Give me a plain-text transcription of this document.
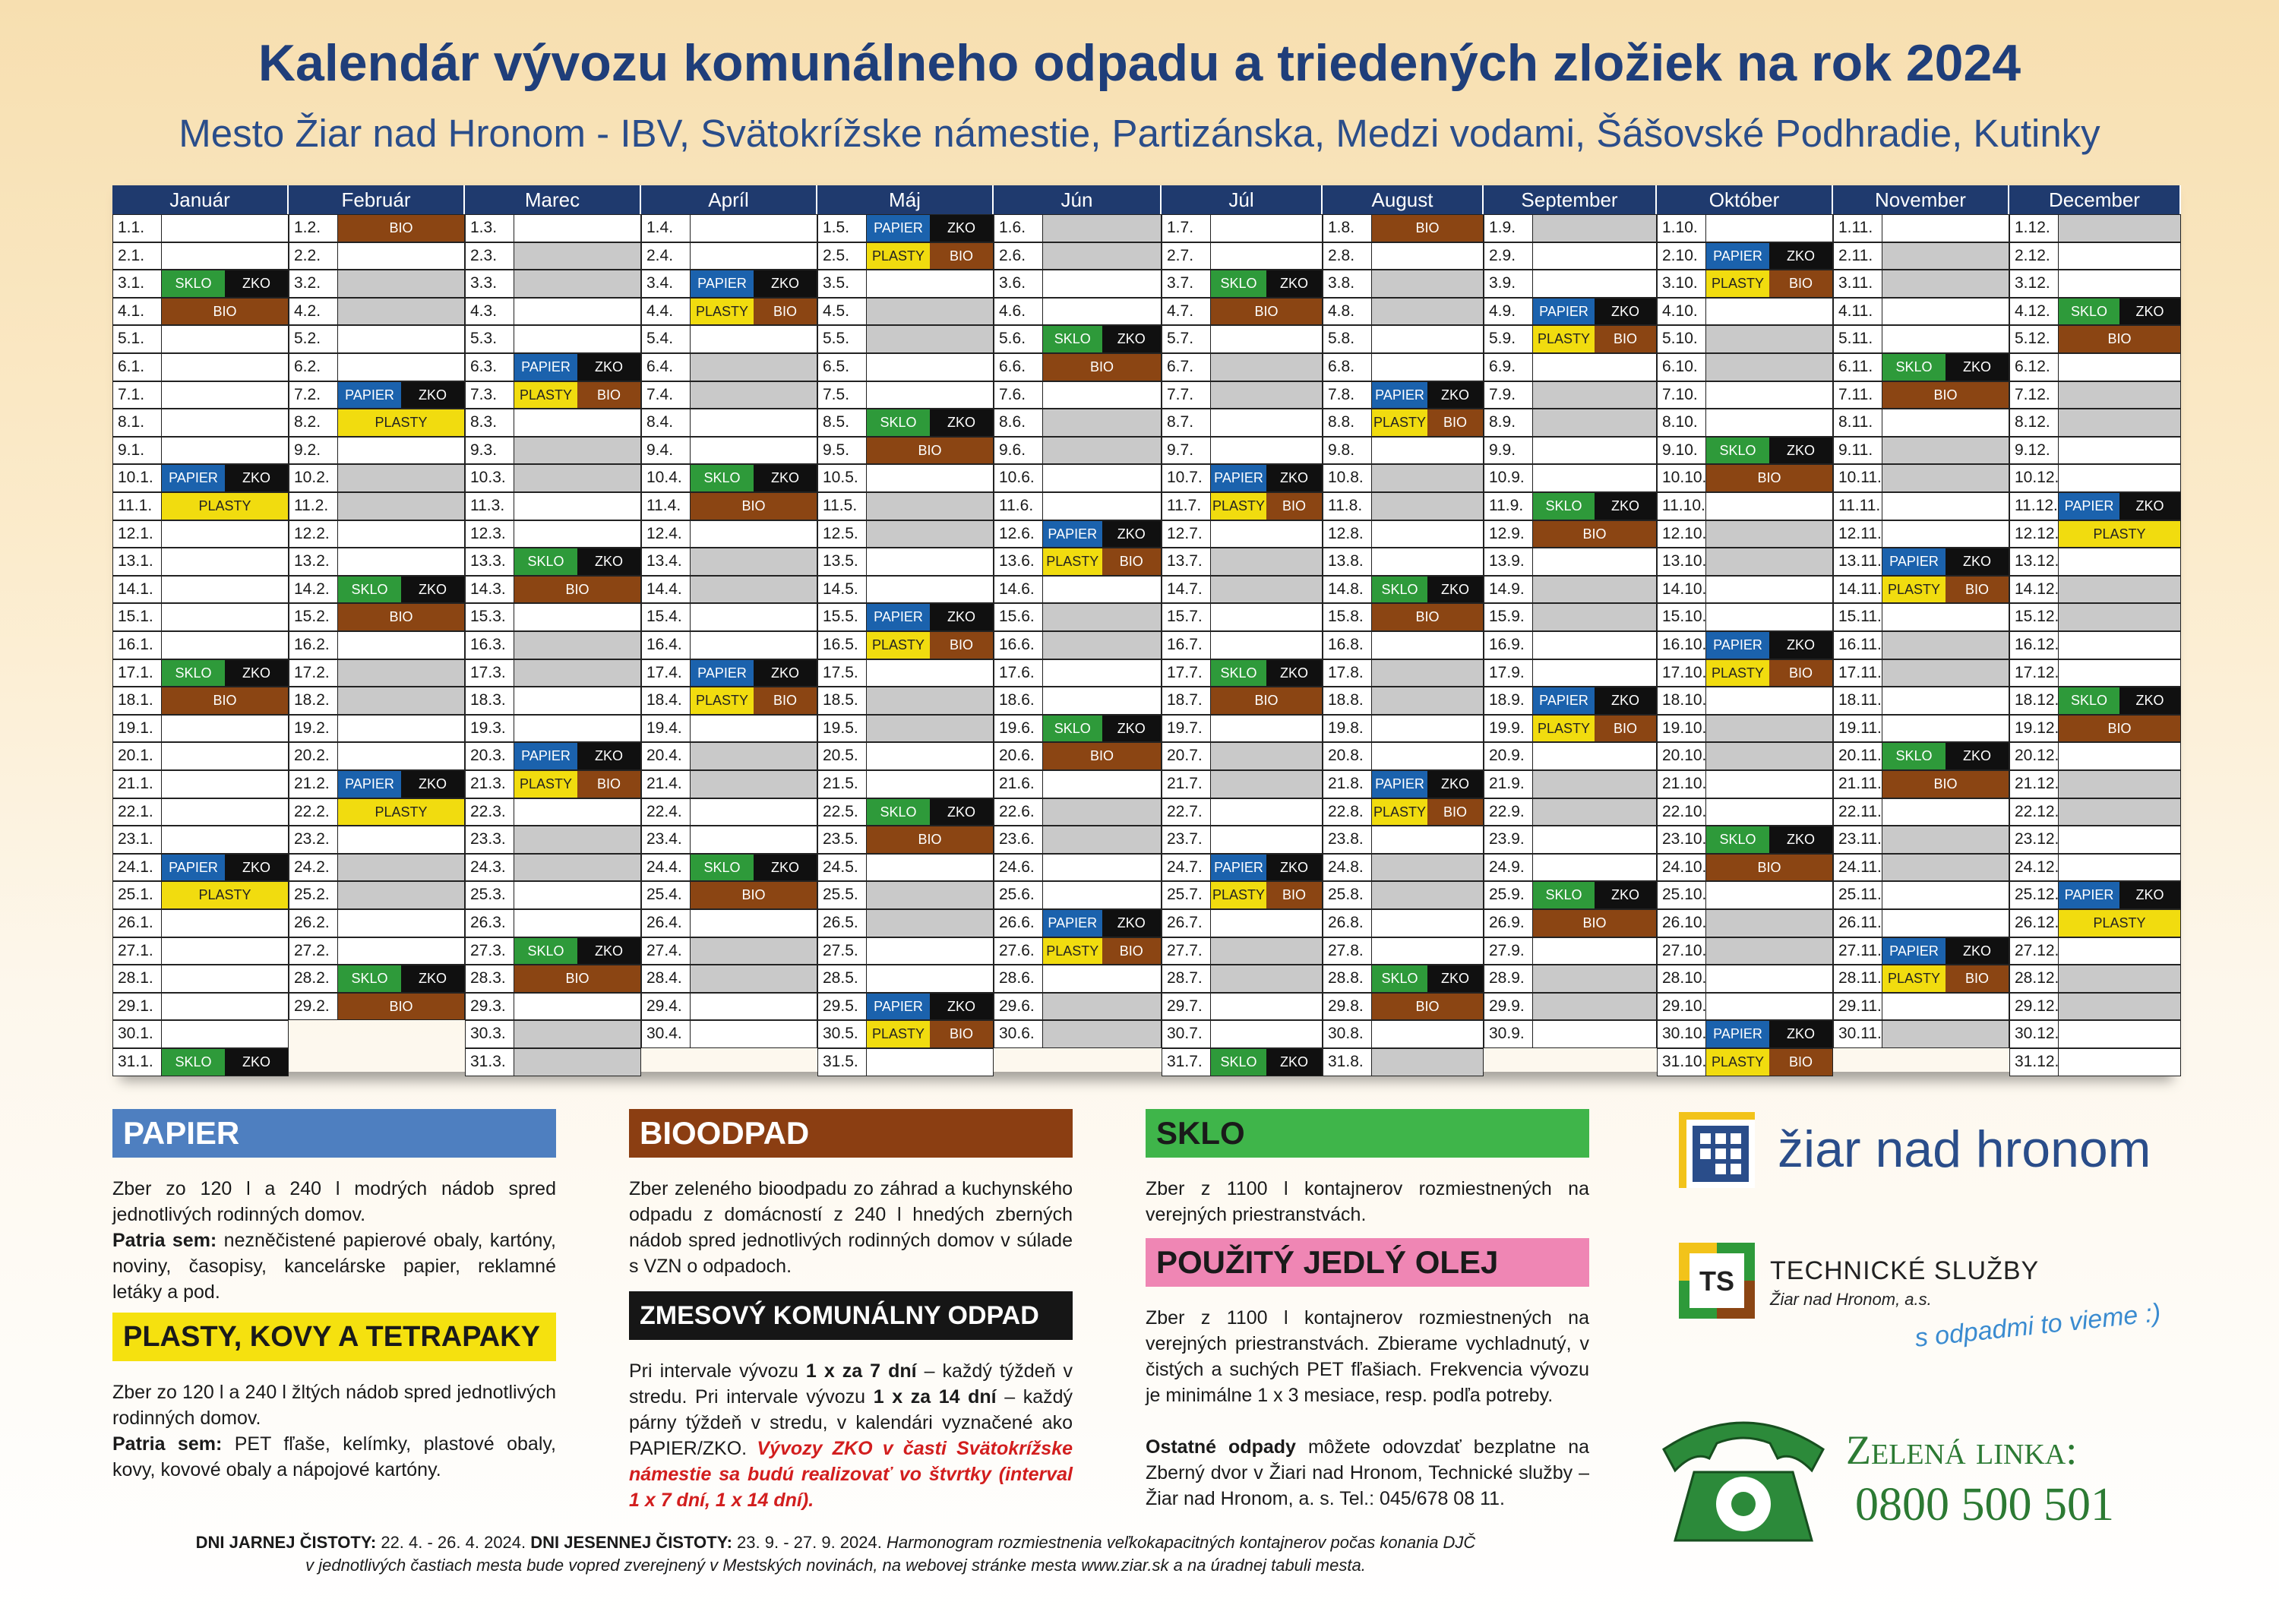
Kalendár vývozu komunálneho odpadu a triedených zložiek na rok 2024
Mesto Žiar nad Hronom - IBV, Svätokrížske námestie, Partizánska, Medzi vodami, Šášovské Podhradie, Kutinky
Január
1.1.
2.1.
3.1.	SKLO	ZKO
4.1.	BIO
5.1.
6.1.
7.1.
8.1.
9.1.
10.1.	PAPIER	ZKO
11.1.	PLASTY
12.1.
13.1.
14.1.
15.1.
16.1.
17.1.	SKLO	ZKO
18.1.	BIO
19.1.
20.1.
21.1.
22.1.
23.1.
24.1.	PAPIER	ZKO
25.1.	PLASTY
26.1.
27.1.
28.1.
29.1.
30.1.
31.1.	SKLO	ZKO
Február
1.2.	BIO
2.2.
3.2.
4.2.
5.2.
6.2.
7.2.	PAPIER	ZKO
8.2.	PLASTY
9.2.
10.2.
11.2.
12.2.
13.2.
14.2.	SKLO	ZKO
15.2.	BIO
16.2.
17.2.
18.2.
19.2.
20.2.
21.2.	PAPIER	ZKO
22.2.	PLASTY
23.2.
24.2.
25.2.
26.2.
27.2.
28.2.	SKLO	ZKO
29.2.	BIO
Marec
1.3.
2.3.
3.3.
4.3.
5.3.
6.3.	PAPIER	ZKO
7.3.	PLASTY	BIO
8.3.
9.3.
10.3.
11.3.
12.3.
13.3.	SKLO	ZKO
14.3.	BIO
15.3.
16.3.
17.3.
18.3.
19.3.
20.3.	PAPIER	ZKO
21.3.	PLASTY	BIO
22.3.
23.3.
24.3.
25.3.
26.3.
27.3.	SKLO	ZKO
28.3.	BIO
29.3.
30.3.
31.3.
Apríl
1.4.
2.4.
3.4.	PAPIER	ZKO
4.4.	PLASTY	BIO
5.4.
6.4.
7.4.
8.4.
9.4.
10.4.	SKLO	ZKO
11.4.	BIO
12.4.
13.4.
14.4.
15.4.
16.4.
17.4.	PAPIER	ZKO
18.4.	PLASTY	BIO
19.4.
20.4.
21.4.
22.4.
23.4.
24.4.	SKLO	ZKO
25.4.	BIO
26.4.
27.4.
28.4.
29.4.
30.4.
Máj
1.5.	PAPIER	ZKO
2.5.	PLASTY	BIO
3.5.
4.5.
5.5.
6.5.
7.5.
8.5.	SKLO	ZKO
9.5.	BIO
10.5.
11.5.
12.5.
13.5.
14.5.
15.5.	PAPIER	ZKO
16.5.	PLASTY	BIO
17.5.
18.5.
19.5.
20.5.
21.5.
22.5.	SKLO	ZKO
23.5.	BIO
24.5.
25.5.
26.5.
27.5.
28.5.
29.5.	PAPIER	ZKO
30.5.	PLASTY	BIO
31.5.
Jún
1.6.
2.6.
3.6.
4.6.
5.6.	SKLO	ZKO
6.6.	BIO
7.6.
8.6.
9.6.
10.6.
11.6.
12.6. PAPIER	ZKO
13.6. PLASTY	BIO
14.6.
15.6.
16.6.
17.6.
18.6.
19.6.	SKLO	ZKO
20.6.	BIO
21.6.
22.6.
23.6.
24.6.
25.6.
26.6. PAPIER	ZKO
27.6. PLASTY	BIO
28.6.
29.6.
30.6.
Júl
1.7.
2.7.
3.7.	SKLO	ZKO
4.7.	BIO
5.7.
6.7.
7.7.
8.7.
9.7.
10.7. PAPIER	ZKO
11.7. PLASTY	BIO
12.7.
13.7.
14.7.
15.7.
16.7.
17.7.	SKLO	ZKO
18.7.	BIO
19.7.
20.7.
21.7.
22.7.
23.7.
24.7. PAPIER	ZKO
25.7. PLASTY	BIO
26.7.
27.7.
28.7.
29.7.
30.7.
31.7.	SKLO	ZKO
August
1.8.	BIO
2.8.
3.8.
4.8.
5.8.
6.8.
7.8.	PAPIER	ZKO
8.8.	PLASTY	BIO
9.8.
10.8.
11.8.
12.8.
13.8.
14.8.	SKLO	ZKO
15.8.	BIO
16.8.
17.8.
18.8.
19.8.
20.8.
21.8. PAPIER	ZKO
22.8. PLASTY	BIO
23.8.
24.8.
25.8.
26.8.
27.8.
28.8.	SKLO	ZKO
29.8.	BIO
30.8.
31.8.
September
1.9.
2.9.
3.9.
4.9.	PAPIER	ZKO
5.9.	PLASTY	BIO
6.9.
7.9.
8.9.
9.9.
10.9.
11.9.	SKLO	ZKO
12.9.	BIO
13.9.
14.9.
15.9.
16.9.
17.9.
18.9.	PAPIER	ZKO
19.9. PLASTY	BIO
20.9.
21.9.
22.9.
23.9.
24.9.
25.9.	SKLO	ZKO
26.9.	BIO
27.9.
28.9.
29.9.
30.9.
Október
1.10.
2.10.	PAPIER	ZKO
3.10.	PLASTY	BIO
4.10.
5.10.
6.10.
7.10.
8.10.
9.10.	SKLO	ZKO
10.10.	BIO
11.10.
12.10.
13.10.
14.10.
15.10.
16.10. PAPIER	ZKO
17.10. PLASTY	BIO
18.10.
19.10.
20.10.
21.10.
22.10.
23.10. SKLO	ZKO
24.10.	BIO
25.10.
26.10.
27.10.
28.10.
29.10.
30.10. PAPIER	ZKO
31.10. PLASTY	BIO
November
1.11.
2.11.
3.11.
4.11.
5.11.
6.11.	SKLO	ZKO
7.11.	BIO
8.11.
9.11.
10.11.
11.11.
12.11.
13.11. PAPIER	ZKO
14.11. PLASTY	BIO
15.11.
16.11.
17.11.
18.11.
19.11.
20.11.	SKLO	ZKO
21.11.	BIO
22.11.
23.11.
24.11.
25.11.
26.11.
27.11. PAPIER	ZKO
28.11. PLASTY	BIO
29.11.
30.11.
December
1.12.
2.12.
3.12.
4.12.	SKLO	ZKO
5.12.	BIO
6.12.
7.12.
8.12.
9.12.
10.12.
11.12. PAPIER	ZKO
12.12.	PLASTY
13.12.
14.12.
15.12.
16.12.
17.12.
18.12. SKLO	ZKO
19.12.	BIO
20.12.
21.12.
22.12.
23.12.
24.12.
25.12. PAPIER	ZKO
26.12.	PLASTY
27.12.
28.12.
29.12.
30.12.
31.12.
PAPIER

Zber zo 120 l a 240 l modrých nádob spred jednotlivých rodinných domov.
Patria sem: nezněčistené papierové obaly, kartóny, noviny, časopisy, kancelárske papier, reklamné letáky a pod.

PLASTY, KOVY A TETRAPAKY

Zber zo 120 l a 240 l žltých nádob spred jednotlivých rodinných domov.
Patria sem: PET fľaše, kelímky, plastové obaly, kovy, kovové obaly a nápojové kartóny.

BIOODPAD

Zber zeleného bioodpadu zo záhrad a kuchynského odpadu z domácností z 240 l hnedých zberných nádob spred jednotlivých rodinných domov v súlade s VZN o odpadoch.

ZMESOVÝ KOMUNÁLNY ODPAD

Pri intervale vývozu 1 x za 7 dní – každý týždeň v stredu. Pri intervale vývozu 1 x za 14 dní – každý párny týždeň v stredu, v kalendári vyznačené ako PAPIER/ZKO. Vývozy ZKO v časti Svätokrížske námestie sa budú realizovať vo štvrtky (interval 1 x 7 dní, 1 x 14 dní).

SKLO

Zber z 1100 l kontajnerov rozmiestnených na verejných priestranstvách.

POUŽITÝ JEDLÝ OLEJ

Zber z 1100 l kontajnerov rozmiestnených na verejných priestranstvách. Zbierame vychladnutý, v čistých a suchých PET fľašiach. Frekvencia vývozu je minimálne 1 x 3 mesiace, resp. podľa potreby.

Ostatné odpady môžete odovzdať bezplatne na Zberný dvor v Žiari nad Hronom, Technické služby – Žiar nad Hronom, a. s. Tel.: 045/678 08 11.

žiar nad hronom
TS	TECHNICKÉ SLUŽBY
Žiar nad Hronom, a.s.
s odpadmi to vieme :)
Zelená linka:
0800 500 501
DNI JARNEJ ČISTOTY: 22. 4. - 26. 4. 2024. DNI JESENNEJ ČISTOTY: 23. 9. - 27. 9. 2024. Harmonogram rozmiestnenia veľkokapacitných kontajnerov počas konania DJČ
v jednotlivých častiach mesta bude vopred zverejnený v Mestských novinách, na webovej stránke mesta www.ziar.sk a na úradnej tabuli mesta.
